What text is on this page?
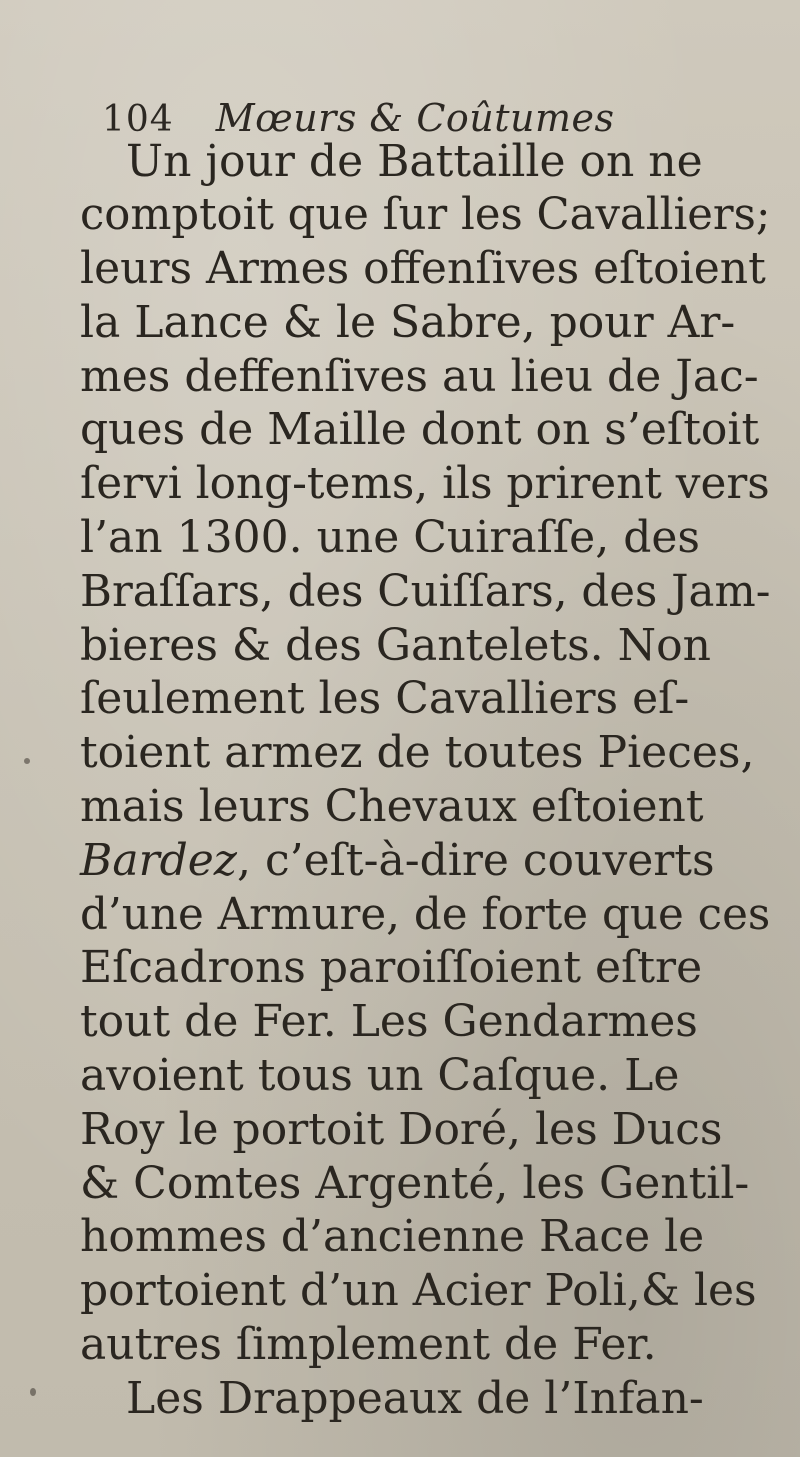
104 Mœurs & Coûtumes
Un jour de Battaille on ne
comptoit que ſur les Cavalliers;
leurs Armes offenſives eſtoient
la Lance & le Sabre, pour Ar-
mes deffenſives au lieu de Jac-
ques de Maille dont on s’eſtoit
ſervi long-tems, ils prirent vers
l’an 1300. une Cuiraſſe, des
Braſſars, des Cuiſſars, des Jam-
bieres & des Gantelets. Non
ſeulement les Cavalliers eſ-
toient armez de toutes Pieces,
mais leurs Chevaux eſtoient
Bardez, c’eſt-à-dire couverts
d’une Armure, de forte que ces
Eſcadrons paroiſſoient eſtre
tout de Fer. Les Gendarmes
avoient tous un Caſque. Le
Roy le portoit Doré, les Ducs
& Comtes Argenté, les Gentil-
hommes d’ancienne Race le
portoient d’un Acier Poli,& les
autres ſimplement de Fer.
Les Drappeaux de l’Infan-
